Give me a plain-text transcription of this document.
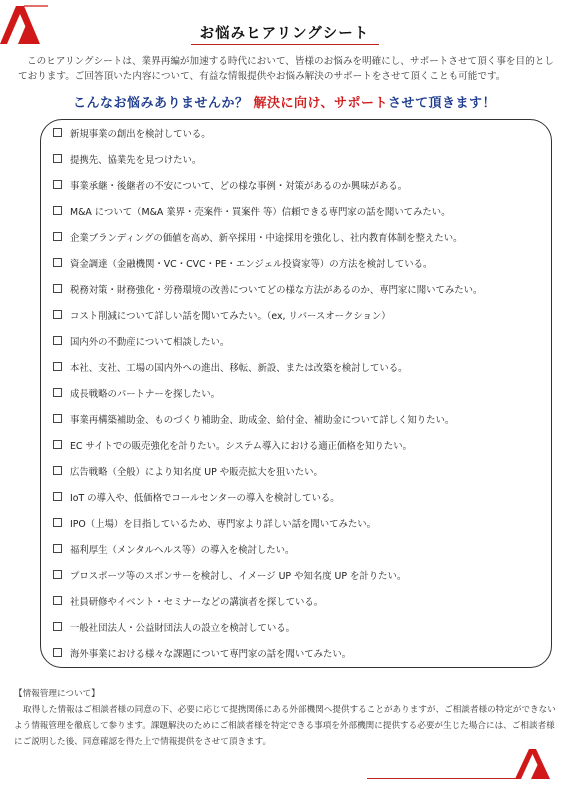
お悩みヒアリングシート

このヒアリングシートは、業界再編が加速する時代において、皆様のお悩みを明確にし、サポートさせて頂く事を目的としております。ご回答頂いた内容について、有益な情報提供やお悩み解決のサポートをさせて頂くことも可能です。

こんなお悩みありませんか？ 解決に向け、サポートさせて頂きます！
新規事業の創出を検討している。
提携先、協業先を見つけたい。
事業承継・後継者の不安について、どの様な事例・対策があるのか興味がある。
M&A について（M&A 業界・売案件・買案件 等）信頼できる専門家の話を聞いてみたい。
企業ブランディングの価値を高め、新卒採用・中途採用を強化し、社内教育体制を整えたい。
資金調達（金融機関・VC・CVC・PE・エンジェル投資家等）の方法を検討している。
税務対策・財務強化・労務環境の改善についてどの様な方法があるのか、専門家に聞いてみたい。
コスト削減について詳しい話を聞いてみたい。（ex, リバースオークション）
国内外の不動産について相談したい。
本社、支社、工場の国内外への進出、移転、新設、または改築を検討している。
成長戦略のパートナーを探したい。
事業再構築補助金、ものづくり補助金、助成金、給付金、補助金について詳しく知りたい。
EC サイトでの販売強化を計りたい。システム導入における適正価格を知りたい。
広告戦略（全般）により知名度 UP や販売拡大を狙いたい。
IoT の導入や、低価格でコールセンターの導入を検討している。
IPO（上場）を目指しているため、専門家より詳しい話を聞いてみたい。
福利厚生（メンタルヘルス等）の導入を検討したい。
プロスポーツ等のスポンサーを検討し、イメージ UP や知名度 UP を計りたい。
社員研修やイベント・セミナーなどの講演者を探している。
一般社団法人・公益財団法人の設立を検討している。
海外事業における様々な課題について専門家の話を聞いてみたい。

【情報管理について】

取得した情報はご相談者様の同意の下、必要に応じて提携関係にある外部機関へ提供することがありますが、ご相談者様の特定ができないよう情報管理を徹底して参ります。課題解決のためにご相談者様を特定できる事項を外部機関に提供する必要が生じた場合には、ご相談者様にご説明した後、同意確認を得た上で情報提供をさせて頂きます。
